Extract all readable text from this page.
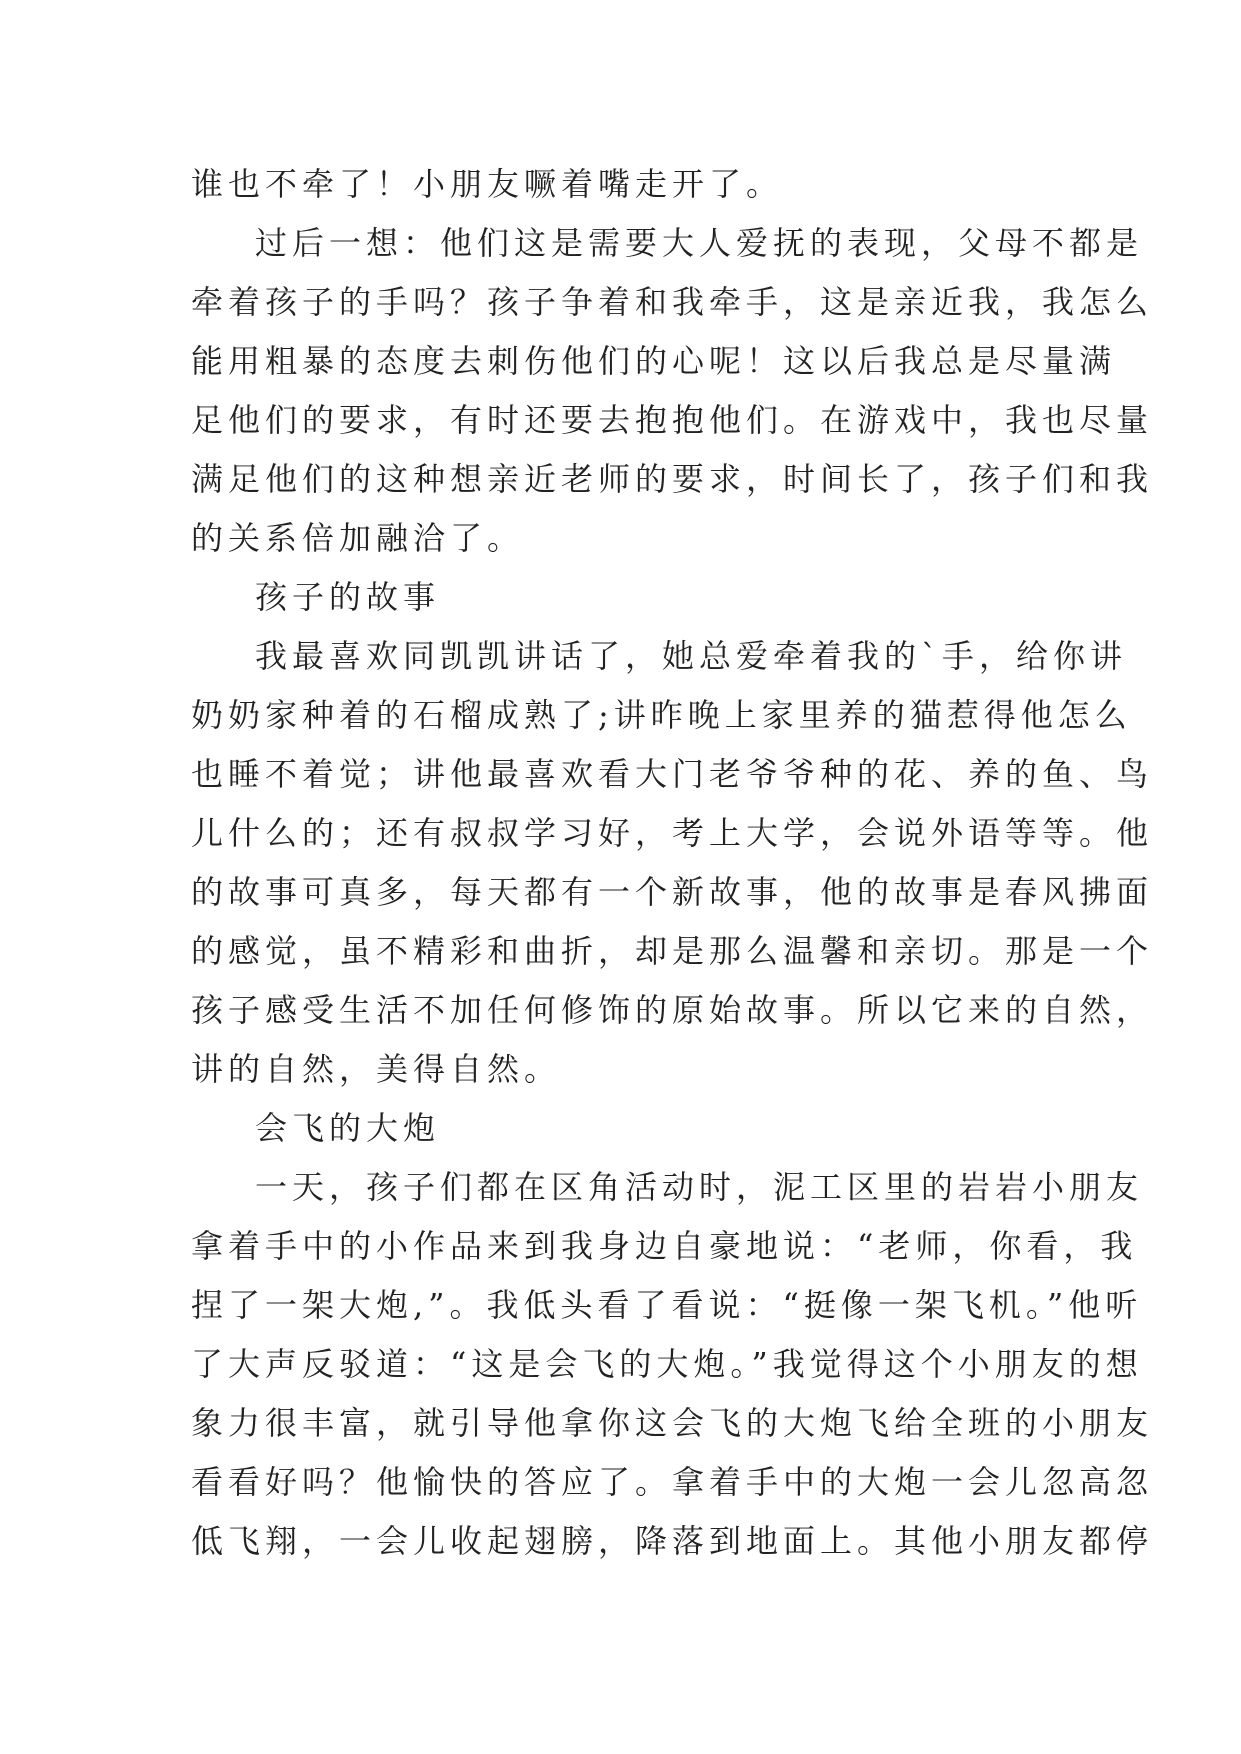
谁也不牵了！小朋友噘着嘴走开了。
过后一想：他们这是需要大人爱抚的表现，父母不都是
牵着孩子的手吗？孩子争着和我牵手，这是亲近我，我怎么
能用粗暴的态度去刺伤他们的心呢！这以后我总是尽量满
足他们的要求，有时还要去抱抱他们。在游戏中，我也尽量
满足他们的这种想亲近老师的要求，时间长了，孩子们和我
的关系倍加融洽了。
孩子的故事
我最喜欢同凯凯讲话了，她总爱牵着我的`手，给你讲
奶奶家种着的石榴成熟了;讲昨晚上家里养的猫惹得他怎么
也睡不着觉；讲他最喜欢看大门老爷爷种的花、养的鱼、鸟
儿什么的；还有叔叔学习好，考上大学，会说外语等等。他
的故事可真多，每天都有一个新故事，他的故事是春风拂面
的感觉，虽不精彩和曲折，却是那么温馨和亲切。那是一个
孩子感受生活不加任何修饰的原始故事。所以它来的自然，
讲的自然，美得自然。
会飞的大炮
一天，孩子们都在区角活动时，泥工区里的岩岩小朋友
拿着手中的小作品来到我身边自豪地说：“老师，你看，我
捏了一架大炮,”。我低头看了看说：“挺像一架飞机。”他听
了大声反驳道：“这是会飞的大炮。”我觉得这个小朋友的想
象力很丰富，就引导他拿你这会飞的大炮飞给全班的小朋友
看看好吗？他愉快的答应了。拿着手中的大炮一会儿忽高忽
低飞翔，一会儿收起翅膀，降落到地面上。其他小朋友都停
